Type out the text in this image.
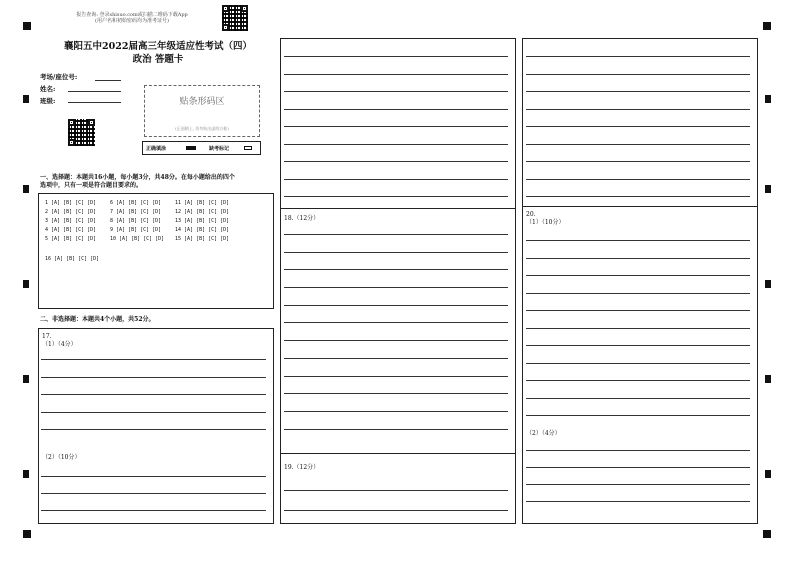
报告查询: 登录shisuo.com或扫描二维码下载App
(用户名和初始密码均为准考证号)
襄阳五中2022届高三年级适应性考试（四）
政治 答题卡
考场/座位号:
姓名:
班级:	贴条形码区
(正面朝上, 切勿贴出虚线方框)
正确填涂	缺考标记
一、选择题：本题共16小题，每小题3分，共48分。在每小题给出的四个
选项中，只有一项是符合题目要求的。
1 [A] [B] [C] [D]	6 [A] [B] [C] [D]	11 [A] [B] [C] [D]
2 [A] [B] [C] [D]	7 [A] [B] [C] [D]	12 [A] [B] [C] [D]
3 [A] [B] [C] [D]	8 [A] [B] [C] [D]	13 [A] [B] [C] [D]
4 [A] [B] [C] [D]	9 [A] [B] [C] [D]	14 [A] [B] [C] [D]
5 [A] [B] [C] [D]	10 [A] [B] [C] [D] 15 [A] [B] [C] [D]
16 [A] [B] [C] [D]
二、非选择题：本题共4个小题，共52分。
17.
（1）（4分）
（2）（10分）
18.（12分）
19.（12分）
20.
（1）（10分）
（2）（4分）
